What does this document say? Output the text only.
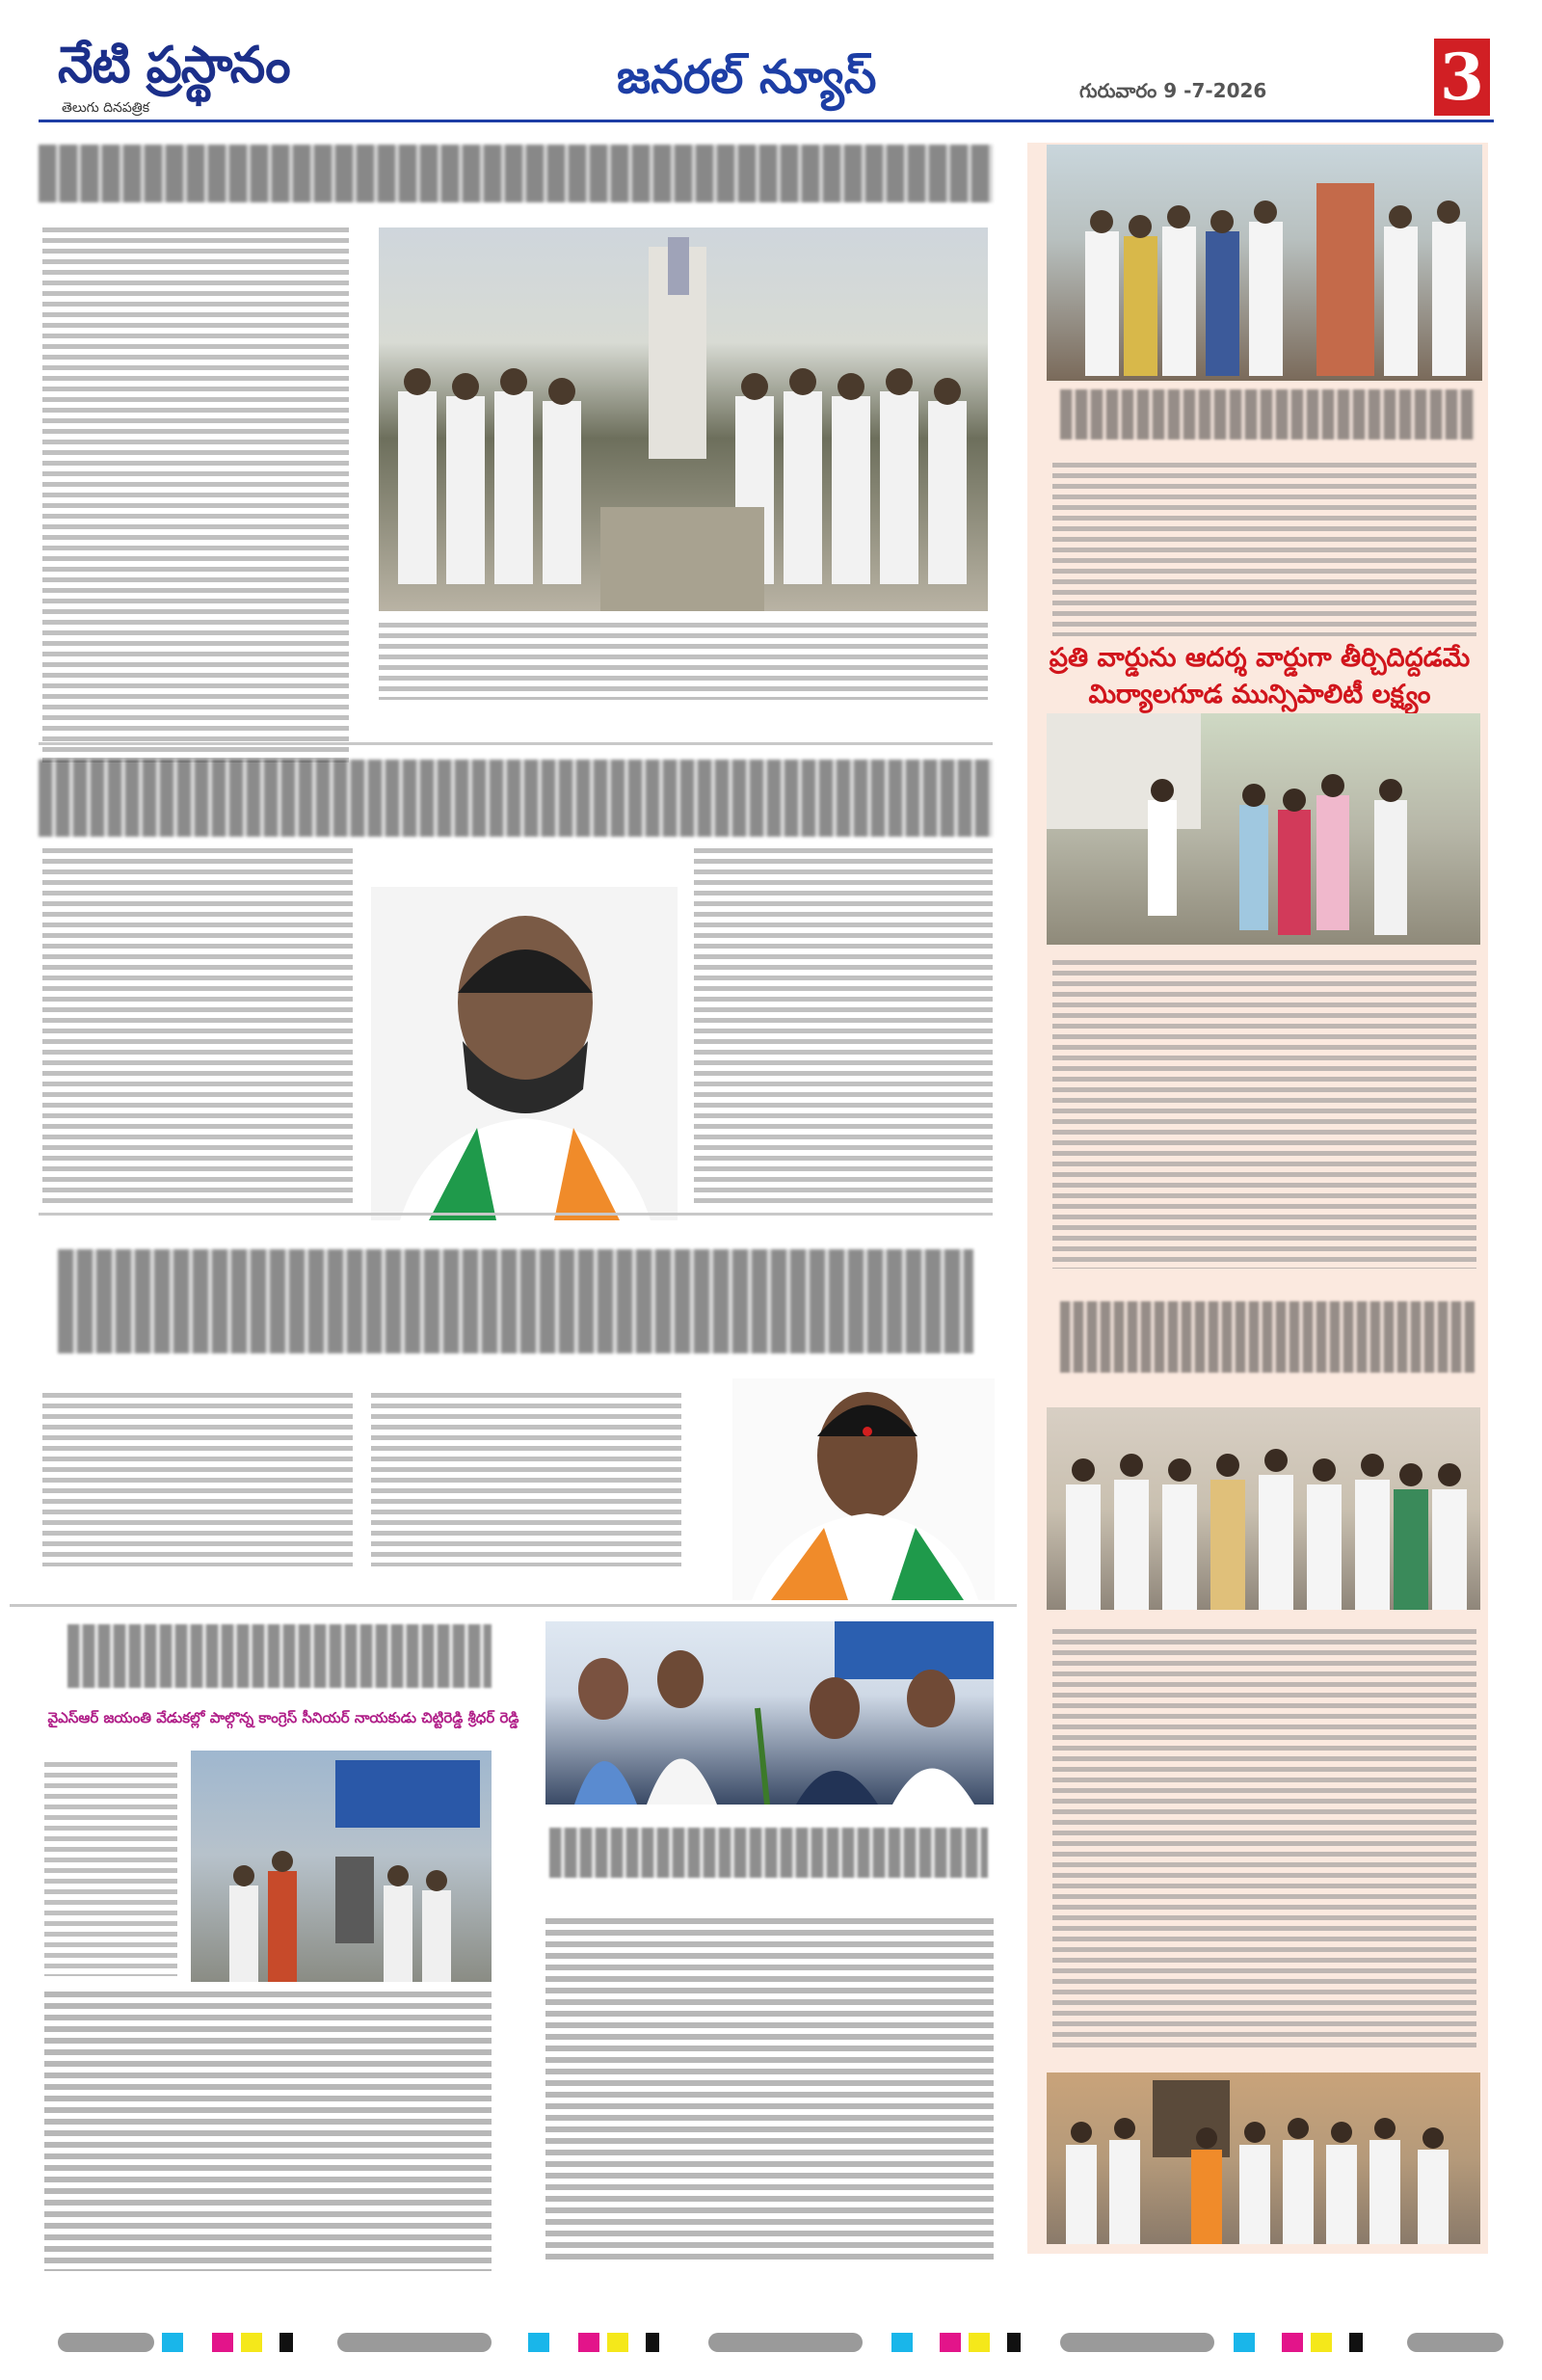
నేటి ప్రస్థానం
తెలుగు దినపత్రిక
జనరల్ న్యూస్	గురువారం 9 -7-2026	3
వైఎస్ఆర్ జయంతి వేడుకల్లో పాల్గొన్న కాంగ్రెస్ సీనియర్ నాయకుడు చిట్టిరెడ్డి శ్రీధర్ రెడ్డి
ప్రతి వార్డును ఆదర్శ వార్డుగా తీర్చిదిద్దడమే
మిర్యాలగూడ మున్సిపాలిటీ లక్ష్యం
